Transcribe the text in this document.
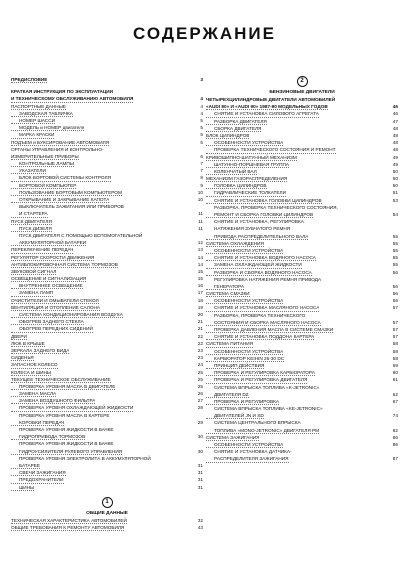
СОДЕРЖАНИЕ
ПРЕДИСЛОВИЕ	3
КРАТКАЯ ИНСТРУКЦИЯ ПО ЭКСПЛУАТАЦИИ
И ТЕХНИЧЕСКОМУ ОБСЛУЖИВАНИЮ АВТОМОБИЛЯ	4
ПАСПОРТНЫЕ ДАННЫЕ	4
ЗАВОДСКАЯ ТАБЛИЧКА	4
НОМЕР ШАССИ	5
МОДЕЛЬ и НОМЕР двигателя	5
МАРКА КРАСКИ	5
ПОДЪЕМ и БУКСИРОВАНИЕ АВТОМОБИЛЯ	5
ОРГАНЫ УПРАВЛЕНИЯ И КОНТРОЛЬНО-
ИЗМЕРИТЕЛЬНЫЕ ПРИБОРЫ	6
КОНТРОЛЬНЫЕ ЛАМПЫ	7
УКАЗАТЕЛИ	7
БЛОК БОРТОВОЙ СИСТЕМЫ КОНТРОЛЯ	8
БОРТОВОЙ КОМПЬЮТЕР	9
ПОЛЬЗОВАНИЕ БОРТОВЫМ КОМПЬЮТЕРОМ	10
ОТКРЫВАНИЕ И ЗАКРЫВАНИЕ КАПОТА	10
ВЫКЛЮЧАТЕЛЬ ЗАЖИГАНИЯ ИЛИ ПРИБОРОВ
И СТАРТЕРА	11
ПУСК ДВИГАТЕЛЯ	11
ПУСК ДИЗЕЛЯ	11
ПУСК ДВИГАТЕЛЯ С ПОМОЩЬЮ ВСПОМОГАТЕЛЬНОЙ
АККУМУЛЯТОРНОЙ БАТАРЕИ	12
ПЕРЕКЛЮЧЕНИЕ ПЕРЕДАЧ	13
РЕГУЛЯТОР СКОРОСТИ ДВИЖЕНИЯ	14
АНТИБЛОКИРОВОЧНАЯ СИСТЕМА ТОРМОЗОВ	14
ЗВУКОВОЙ СИГНАЛ	15
ОСВЕЩЕНИЕ И СИГНАЛИЗАЦИЯ	15
ВНУТРЕННЕЕ ОСВЕЩЕНИЕ	16
ЗАМЕНА ЛАМП	17
ОЧИСТИТЕЛИ И ОМЫВАТЕЛИ СТЕКОЛ	18
ВЕНТИЛЯЦИЯ И ОТОПЛЕНИЕ САЛОНА	19
СИСТЕМА КОНДИЦИОНИРОВАНИЯ ВОЗДУХА	20
ОБОГРЕВ ЗАДНЕГО СТЕКЛА	21
ОБОГРЕВ ПЕРЕДНИХ СИДЕНИЙ	21
ДВЕРИ	22
ЛЮК В КРЫШЕ	22
ЗЕРКАЛА ЗАДНЕГО ВИДА	23
СИДЕНЬЯ	23
ЗАПАСНОЕ КОЛЕСО	24
КОЛЕСА И ШИНЫ	25
ТЕКУЩЕЕ ТЕХНИЧЕСКОЕ ОБСЛУЖИВАНИЕ	25
ПРОВЕРКА УРОВНЯ МАСЛА В ДВИГАТЕЛЕ	25
ЗАМЕНА МАСЛА	26
ЗАМЕНА ВОЗДУШНОГО ФИЛЬТРА	27
ПРОВЕРКА УРОВНЯ ОХЛАЖДАЮЩЕЙ ЖИДКОСТИ	28
ПРОВЕРКА УРОВНЯ МАСЛА В КАРТЕРЕ
КОРОБКИ ПЕРЕДАЧ	29
ПРОВЕРКА УРОВНЯ ЖИДКОСТИ В БАЧКЕ
ГИДРОПРИВОДА ТОРМОЗОВ	30
ПРОВЕРКА УРОВНЯ ЖИДКОСТИ В БАЧКЕ
ГИДРОУСИЛИТЕЛЯ РУЛЕВОГО УПРАВЛЕНИЯ	30
ПРОВЕРКА УРОВНЯ ЭЛЕКТРОЛИТА В АККУМУЛЯТОРНОЙ
БАТАРЕЕ	31
СВЕЧИ ЗАЖИГАНИЯ	31
ПРЕДОХРАНИТЕЛИ	31
ШИНЫ	31
1
ОБЩИЕ ДАННЫЕ
ТЕХНИЧЕСКАЯ ХАРАКТЕРИСТИКА АВТОМОБИЛЕЙ	32
ОБЩИЕ ТРЕБОВАНИЯ К РЕМОНТУ АВТОМОБИЛЯ	43
2
БЕНЗИНОВЫЕ ДВИГАТЕЛИ
ЧЕТЫРЕХЦИЛИНДРОВЫЕ ДВИГАТЕЛИ АВТОМОБИЛЕЙ
«AUDI 80» И «AUDI 90» 1987-90 МОДЕЛЬНЫХ ГОДОВ	46
СНЯТИЕ И УСТАНОВКА СИЛОВОГО АГРЕГАТА	46
РАЗБОРКА ДВИГАТЕЛЯ	47
СБОРКА ДВИГАТЕЛЯ	48
БЛОК ЦИЛИНДРОВ	48
ОСОБЕННОСТИ УСТРОЙСТВА	48
ПРОВЕРКА ТЕХНИЧЕСКОГО СОСТОЯНИЯ И РЕМОНТ	48
КРИВОШИПНО-ШАТУННЫЙ МЕХАНИЗМ	49
ШАТУННО-ПОРШНЕВАЯ ГРУППА	49
КОЛЕНЧАТЫЙ ВАЛ	50
МЕХАНИЗМ ГАЗОРАСПРЕДЕЛЕНИЯ	50
ГОЛОВКА ЦИЛИНДРОВ	50
ГИДРАВЛИЧЕСКИЕ ТОЛКАТЕЛИ	51
СНЯТИЕ И УСТАНОВКА ГОЛОВКИ ЦИЛИНДРОВ	53
РАЗБОРКА, ПРОВЕРКА ТЕХНИЧЕСКОГО СОСТОЯНИЯ,
РЕМОНТ И СБОРКА ГОЛОВКИ ЦИЛИНДРОВ	54
СНЯТИЕ И УСТАНОВКА, РЕГУЛИРОВКА
НАТЯЖЕНИЯ ЗУБЧАТОГО РЕМНЯ
ПРИВОДА РАСПРЕДЕЛИТЕЛЬНОГО ВАЛА	55
СИСТЕМА ОХЛАЖДЕНИЯ	55
ОСОБЕННОСТИ УСТРОЙСТВА	55
СНЯТИЕ И УСТАНОВКА ВОДЯНОГО НАСОСА	55
ЗАМЕНА ОХЛАЖДАЮЩЕЙ ЖИДКОСТИ	55
РАЗБОРКА И СБОРКА ВОДЯНОГО НАСОСА	56
РЕГУЛИРОВКА НАТЯЖЕНИЯ РЕМНЯ ПРИВОДА
ГЕНЕРАТОРА	56
СИСТЕМА СМАЗКИ	56
ОСОБЕННОСТИ УСТРОЙСТВА	56
СНЯТИЕ И УСТАНОВКА МАСЛЯНОГО НАСОСА	57
РАЗБОРКА, ПРОВЕРКА ТЕХНИЧЕСКОГО
СОСТОЯНИЯ И СБОРКА МАСЛЯНОГО НАСОСА	57
ПРОВЕРКА ДАВЛЕНИЯ МАСЛА В СИСТЕМЕ СМАЗКИ	57
СНЯТИЕ И УСТАНОВКА ПОДДОНА КАРТЕРА	57
СИСТЕМА ПИТАНИЯ	58
ОСОБЕННОСТИ УСТРОЙСТВА	58
КАРБЮРАТОР KEIHIN 26-30 DC	58
ПРИНЦИП ДЕЙСТВИЯ	59
ПРОВЕРКА И РЕГУЛИРОВКА КАРБЮРАТОРА	60
ПРОВЕРКА И РЕГУЛИРОВКА ДВИГАТЕЛЯ	61
СИСТЕМА ВПРЫСКА ТОПЛИВА «K-JETRONIC»
ДВИГАТЕЛЯ DZ	62
ПРОВЕРКА И РЕГУЛИРОВКА	67
СИСТЕМА ВПРЫСКА ТОПЛИВА «KE-JETRONIC»
ДВИГАТЕЛЕЙ JN И SD	74
СИСТЕМА ЦЕНТРАЛЬНОГО ВПРЫСКА
ТОПЛИВА «MONO-JETRONIC» ДВИГАТЕЛЯ PM	82
СИСТЕМА ЗАЖИГАНИЯ	86
ОСОБЕННОСТИ УСТРОЙСТВА	86
СНЯТИЕ И УСТАНОВКА ДАТЧИКА-
РАСПРЕДЕЛИТЕЛЯ ЗАЖИГАНИЯ	87
